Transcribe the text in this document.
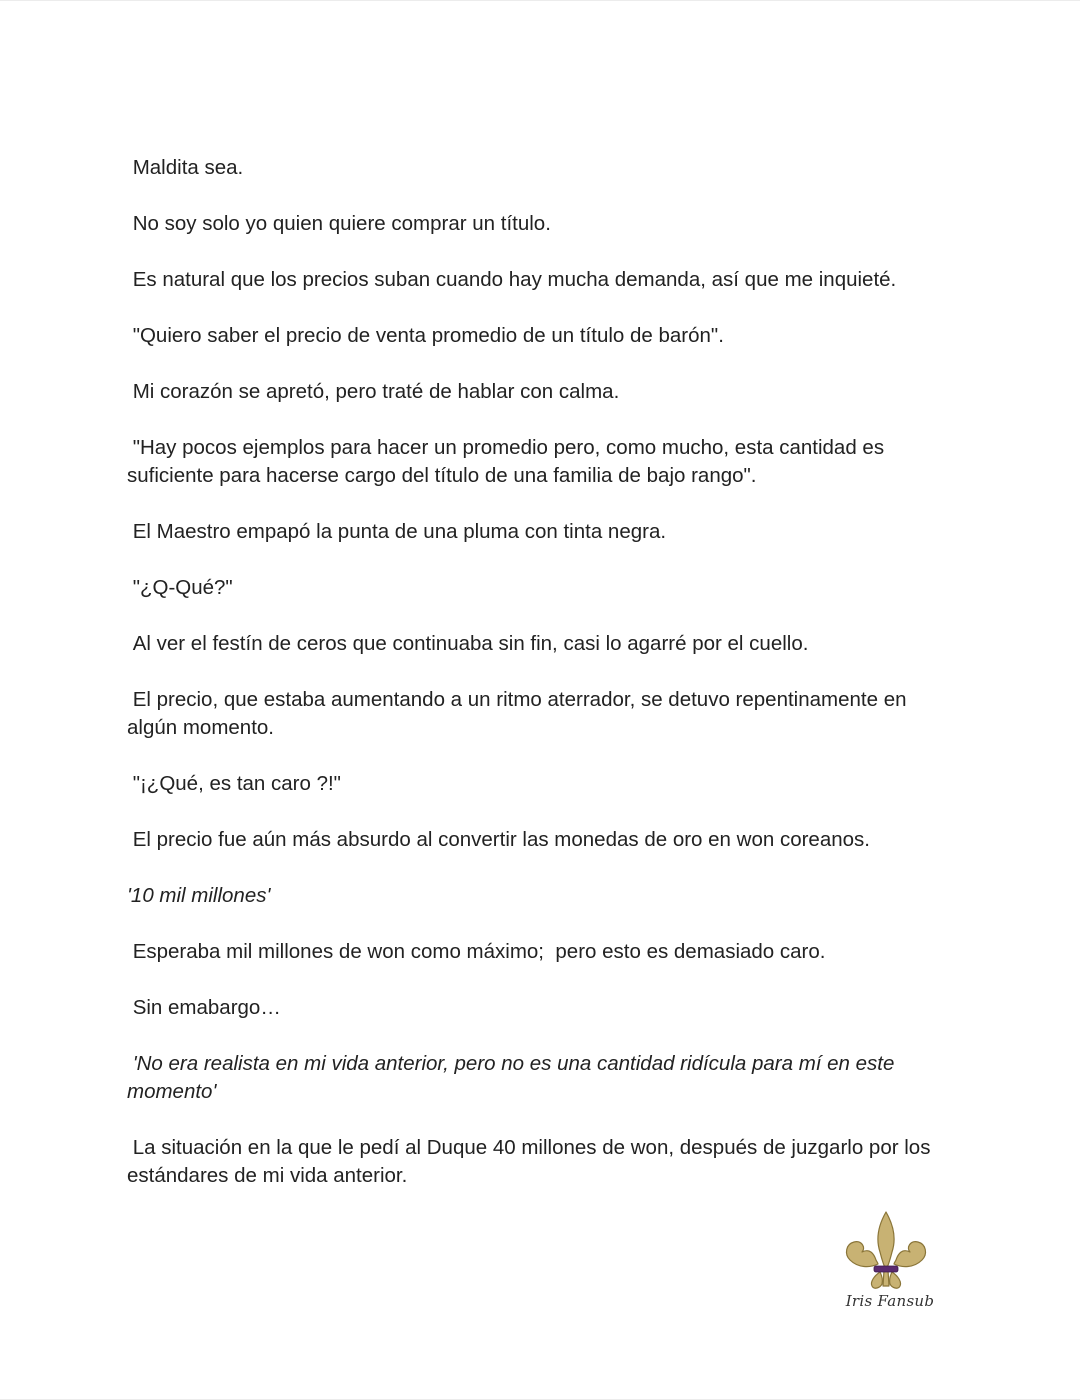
Maldita sea.

No soy solo yo quien quiere comprar un título.

Es natural que los precios suban cuando hay mucha demanda, así que me inquieté.

"Quiero saber el precio de venta promedio de un título de barón".

Mi corazón se apretó, pero traté de hablar con calma.

"Hay pocos ejemplos para hacer un promedio pero, como mucho, esta cantidad es suficiente para hacerse cargo del título de una familia de bajo rango".

El Maestro empapó la punta de una pluma con tinta negra.

"¿Q-Qué?"

Al ver el festín de ceros que continuaba sin fin, casi lo agarré por el cuello.

El precio, que estaba aumentando a un ritmo aterrador, se detuvo repentinamente en algún momento.

"¡¿Qué, es tan caro ?!"

El precio fue aún más absurdo al convertir las monedas de oro en won coreanos.

'10 mil millones'

Esperaba mil millones de won como máximo;  pero esto es demasiado caro.

Sin emabargo…

'No era realista en mi vida anterior, pero no es una cantidad ridícula para mí en este momento'

La situación en la que le pedí al Duque 40 millones de won, después de juzgarlo por los estándares de mi vida anterior.

Iris Fansub
